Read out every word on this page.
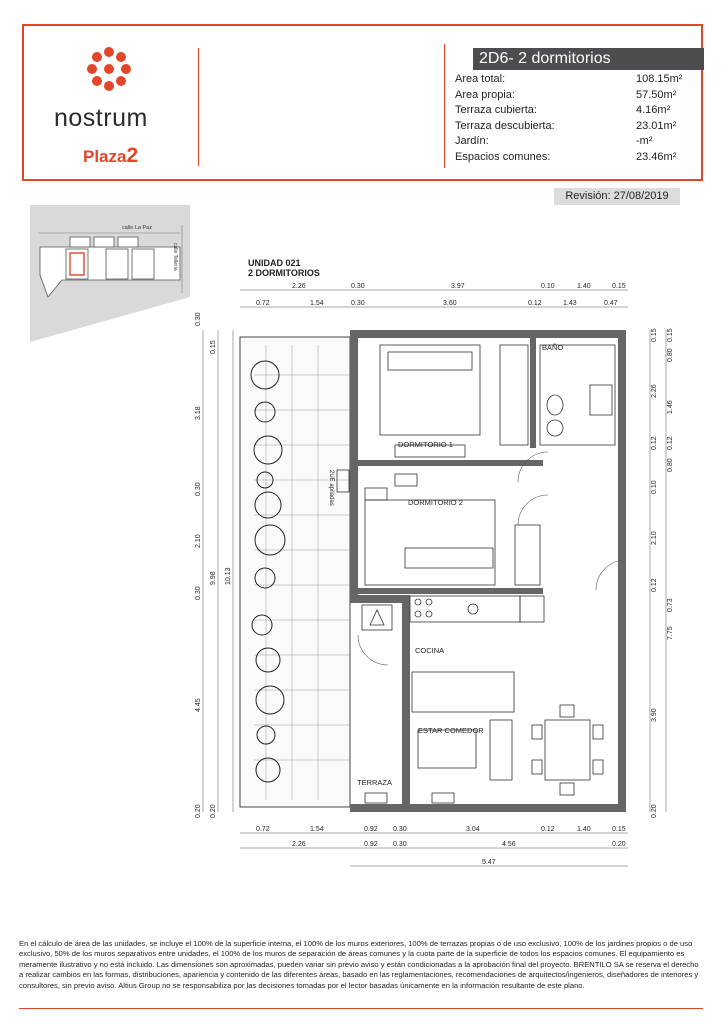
nostrum
Plaza2
2D6- 2 dormitorios
Area total:	108.15m²
Area propia:	57.50m²
Terraza cubierta:	4.16m²
Terraza descubierta:	23.01m²
Jardín:	-m²
Espacios comunes:	23.46m²
Revisión: 27/08/2019
calle La Paz
calle Tellería	UNIDAD 021
2 DORMITORIOS
BAÑO
DORMITORIO 1
DORMITORIO 2
COCINA
ESTAR COMEDOR
TERRAZA
2UE apiladas
2.26	0.30	3.97	0.10	1.40	0.15
0.72	1.54	0.30	3.60	0.12	1.43	0.47
0.72	1.54	0.92 0.30	3.04	0.12	1.40	0.15
2.26	0.92 0.30	4.56	0.20
5.47
0.30
3.18
0.30
2.10
0.30
4.45
0.20
0.15
9.98
0.20
10.13
0.15
2.26
0.12
0.10
2.10
0.12
3.90
0.20
0.15
0.80
1.46
0.12
0.80
0.73
7.75
En el cálculo de área de las unidades, se incluye el 100% de la superficie interna, el 100% de los muros exteriores, 100% de terrazas propias o de uso exclusivo, 100% de los jardines propios o de uso exclusivo, 50% de los muros separativos entre unidades, el 100% de los muros de separación de áreas comunes y la cuota parte de la superficie de todos los espacios comunes. El equipamiento es meramente ilustrativo y no está incluido. Las dimensiones son aproximadas, pueden variar sin previo aviso y están condicionadas a la aprobación final del proyecto. BRENTILO SA se reserva el derecho a realizar cambios en las formas, distribuciones, apariencia y contenido de las diferentes áreas, basado en las reglamentaciones, recomendaciones de arquitectos/ingenieros, diseñadores de interiores y consultores, sin previo aviso. Altius Group no se responsabiliza por las decisiones tomadas por el lector basadas únicamente en la información resultante de este plano.
